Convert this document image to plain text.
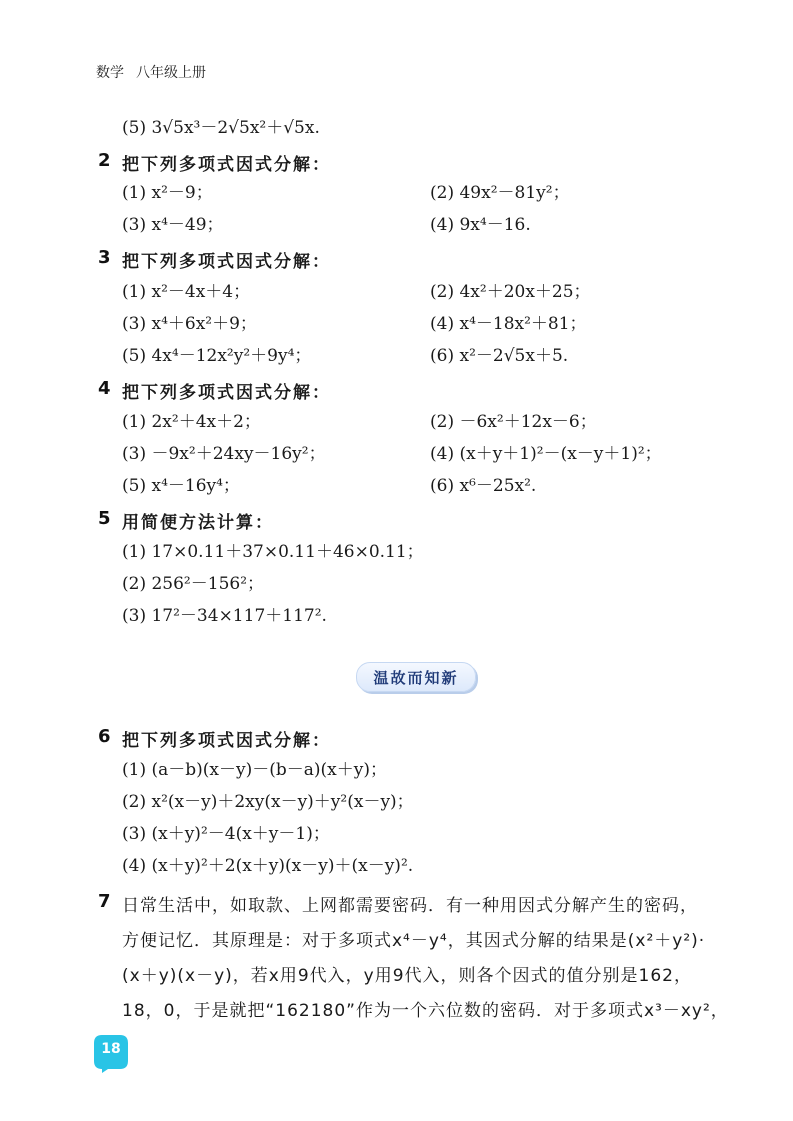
数学 八年级上册
(5) 3√5x³－2√5x²＋√5x.
2 把下列多项式因式分解：
(1) x²－9；	(2) 49x²－81y²；
(3) x⁴－49；	(4) 9x⁴－16.
3 把下列多项式因式分解：
(1) x²－4x＋4；	(2) 4x²＋20x＋25；
(3) x⁴＋6x²＋9；	(4) x⁴－18x²＋81；
(5) 4x⁴－12x²y²＋9y⁴；	(6) x²－2√5x＋5.
4 把下列多项式因式分解：
(1) 2x²＋4x＋2；	(2) －6x²＋12x－6；
(3) －9x²＋24xy－16y²；	(4) (x＋y＋1)²－(x－y＋1)²；
(5) x⁴－16y⁴；	(6) x⁶－25x².
5 用简便方法计算：
(1) 17×0.11＋37×0.11＋46×0.11；
(2) 256²－156²；
(3) 17²－34×117＋117².
温故而知新
6 把下列多项式因式分解：
(1) (a－b)(x－y)－(b－a)(x＋y)；
(2) x²(x－y)＋2xy(x－y)＋y²(x－y)；
(3) (x＋y)²－4(x＋y－1)；
(4) (x＋y)²＋2(x＋y)(x－y)＋(x－y)².
7 日常生活中，如取款、上网都需要密码．有一种用因式分解产生的密码，
方便记忆．其原理是：对于多项式x⁴－y⁴，其因式分解的结果是(x²＋y²)·
(x＋y)(x－y)，若x用9代入，y用9代入，则各个因式的值分别是162，
18，0，于是就把“162180”作为一个六位数的密码．对于多项式x³－xy²，
18
